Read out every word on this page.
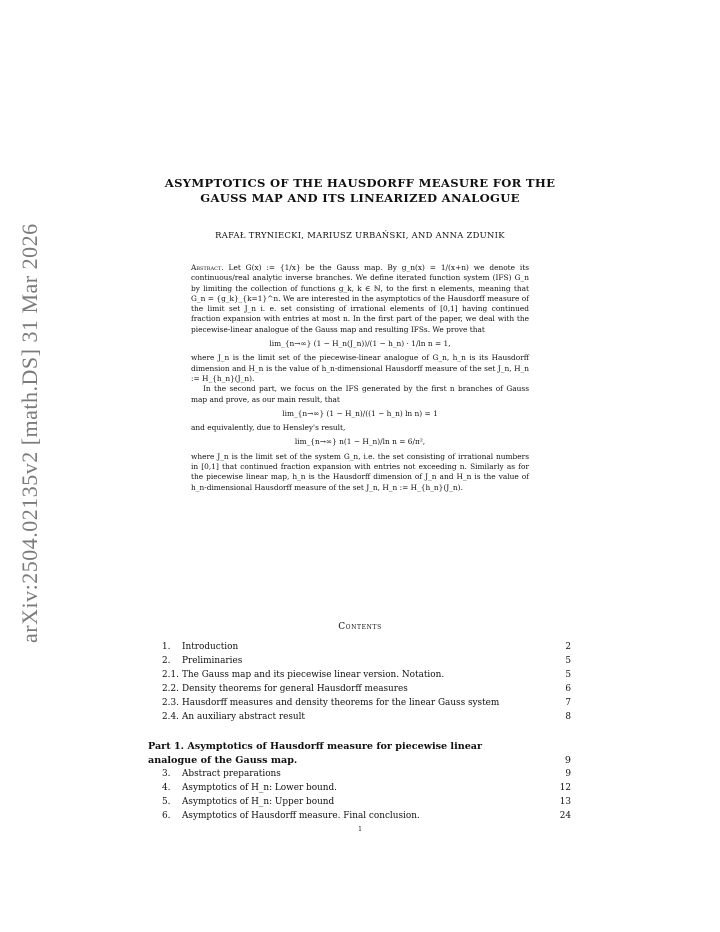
arXiv:2504.02135v2 [math.DS] 31 Mar 2026
ASYMPTOTICS OF THE HAUSDORFF MEASURE FOR THE
GAUSS MAP AND ITS LINEARIZED ANALOGUE
RAFAŁ TRYNIECKI, MARIUSZ URBAŃSKI, AND ANNA ZDUNIK

Abstract. Let G(x) := {1/x} be the Gauss map. By g_n(x) = 1/(x+n) we denote its continuous/real analytic inverse branches. We define iterated function system (IFS) G_n by limiting the collection of functions g_k, k ∈ ℕ, to the first n elements, meaning that G_n = {g_k}_{k=1}^n. We are interested in the asymptotics of the Hausdorff measure of the limit set J_n i. e. set consisting of irrational elements of [0,1] having continued fraction expansion with entries at most n. In the first part of the paper, we deal with the piecewise-linear analogue of the Gauss map and resulting IFSs. We prove that

lim_{n→∞} (1 − H_n(J_n))/(1 − h_n) · 1/ln n = 1,

where J_n is the limit set of the piecewise-linear analogue of G_n, h_n is its Hausdorff dimension and H_n is the value of h_n-dimensional Hausdorff measure of the set J_n, H_n := H_{h_n}(J_n).

In the second part, we focus on the IFS generated by the first n branches of Gauss map and prove, as our main result, that

lim_{n→∞} (1 − H_n)/((1 − h_n) ln n) = 1

and equivalently, due to Hensley's result,

lim_{n→∞} n(1 − H_n)/ln n = 6/π²,

where J_n is the limit set of the system G_n, i.e. the set consisting of irrational numbers in [0,1] that continued fraction expansion with entries not exceeding n. Similarly as for the piecewise linear map, h_n is the Hausdorff dimension of J_n and H_n is the value of h_n-dimensional Hausdorff measure of the set J_n, H_n := H_{h_n}(J_n).

Contents
1. Introduction	2
2. Preliminaries	5
2.1. The Gauss map and its piecewise linear version. Notation.	5
2.2. Density theorems for general Hausdorff measures	6
2.3. Hausdorff measures and density theorems for the linear Gauss system	7
2.4. An auxiliary abstract result	8
Part 1. Asymptotics of Hausdorff measure for piecewise linear
analogue of the Gauss map.	9
3. Abstract preparations	9
4. Asymptotics of H_n: Lower bound.	12
5. Asymptotics of H_n: Upper bound	13
6. Asymptotics of Hausdorff measure. Final conclusion.	24
1
